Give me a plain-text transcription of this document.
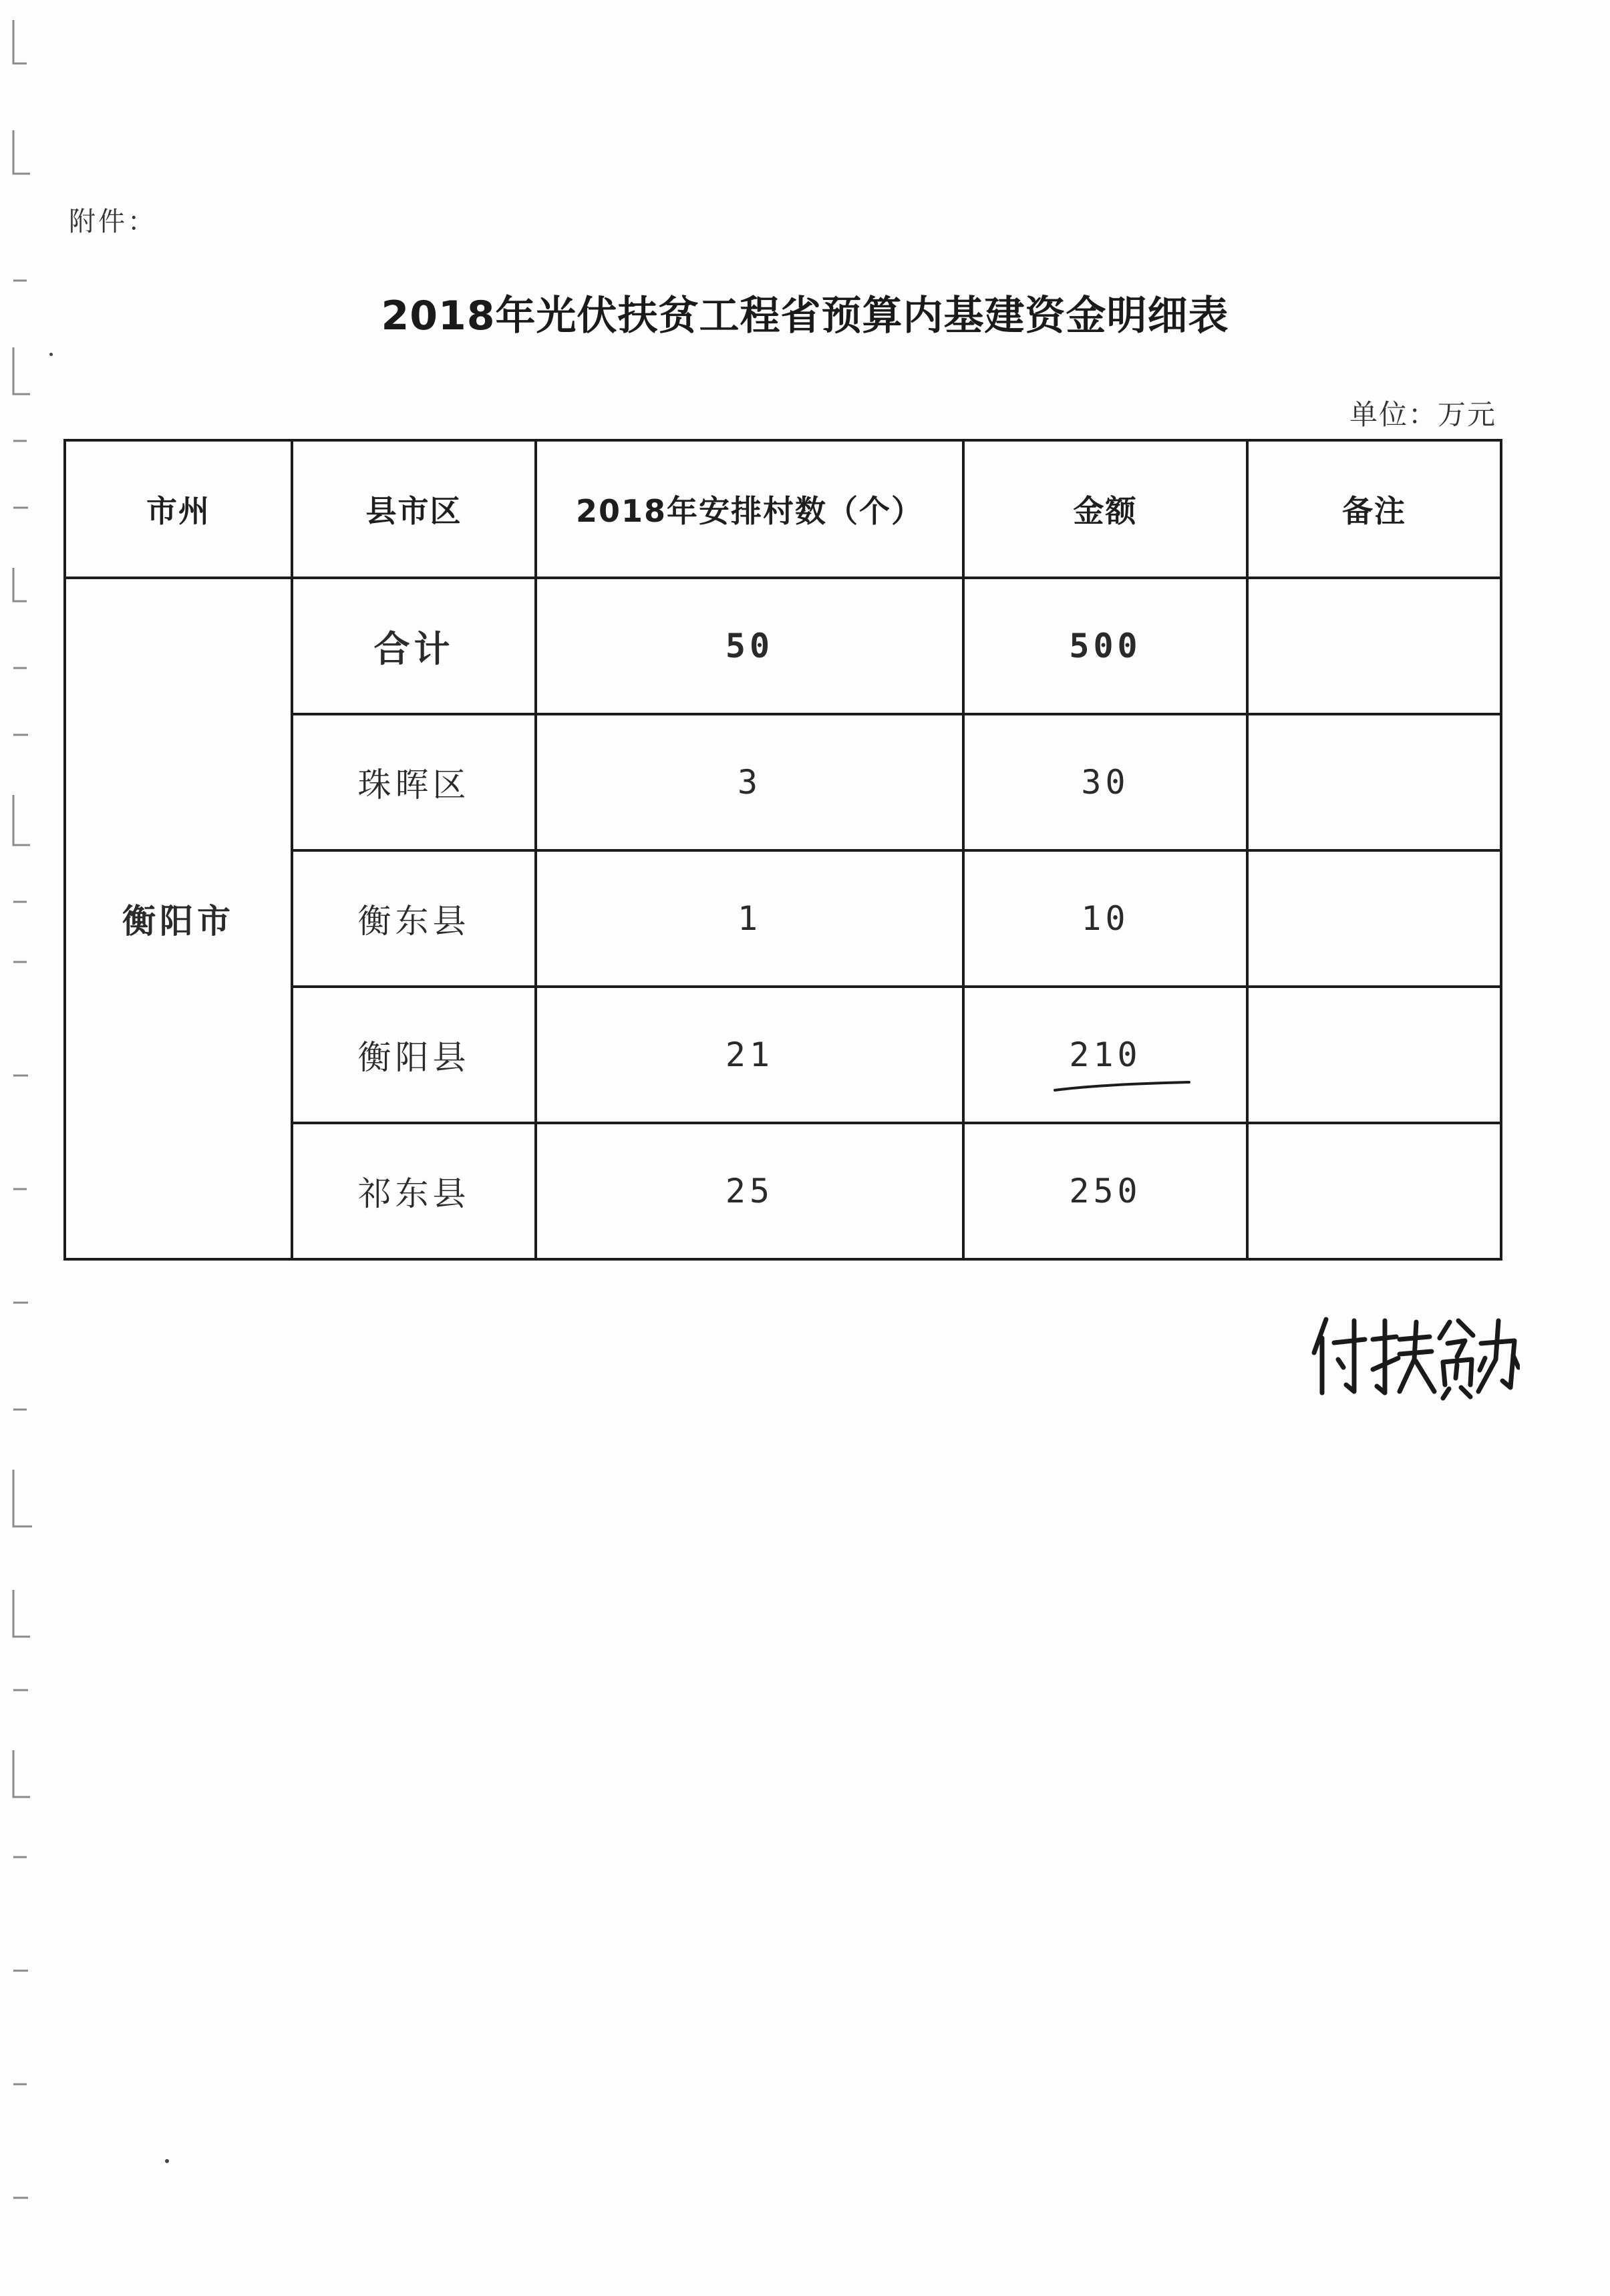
附件：
2018年光伏扶贫工程省预算内基建资金明细表
单位：万元
市州	县市区	2018年安排村数（个）	金额	备注
衡阳市	合计	50	500	
	珠晖区	3	30	
	衡东县	1	10	
	衡阳县	21	210

	祁东县	25	250	
